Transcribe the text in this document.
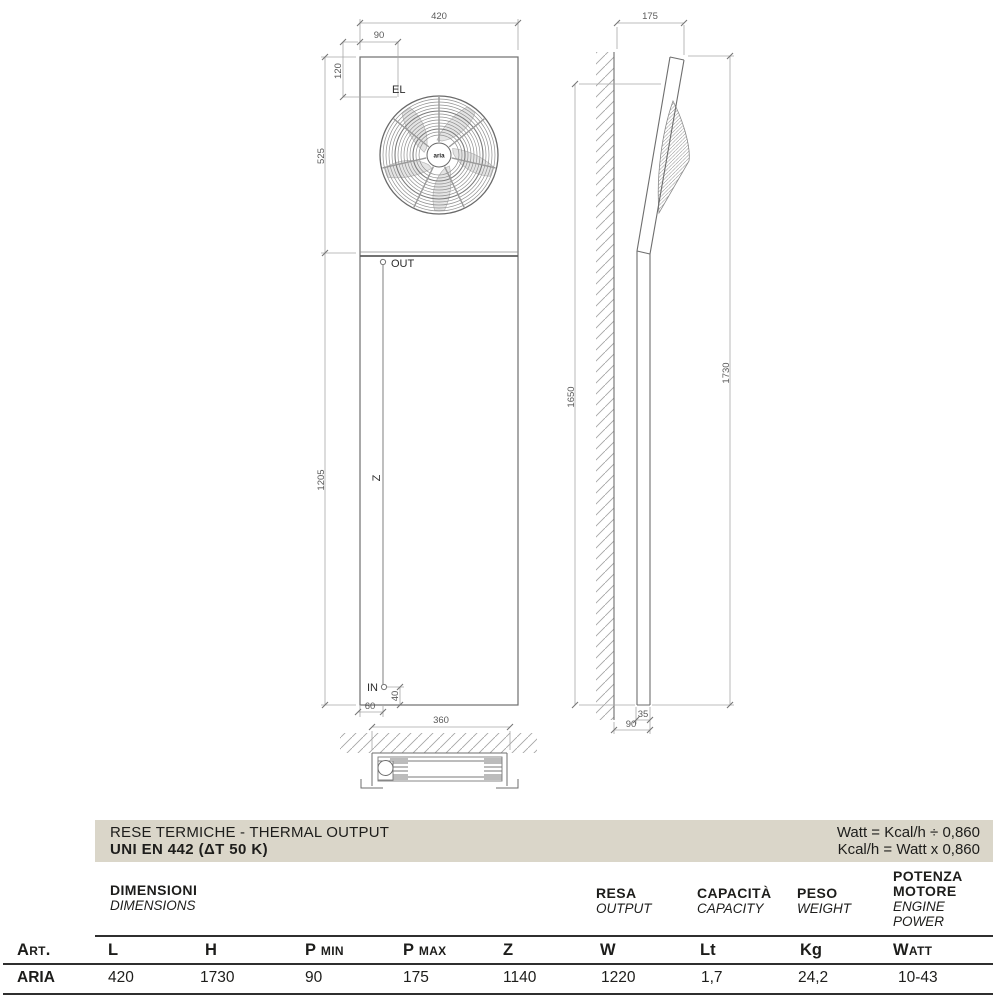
aria
420
90
120
525
1205
40
60
360
EL
OUT
Z
IN
175
1650
1730
35
90
RESE TERMICHE - THERMAL OUTPUT
UNI EN 442 (ΔT 50 K)
Watt = Kcal/h ÷ 0,860
Kcal/h = Watt x 0,860
DIMENSIONI
DIMENSIONS
RESA
OUTPUT
CAPACITÀ
CAPACITY
PESO
WEIGHT
POTENZA MOTORE
ENGINE POWER
Art.	L	H	P min	P max	Z	W	Lt	Kg	Watt
ARIA	420	1730	90	175	1140	1220	1,7	24,2	10-43
